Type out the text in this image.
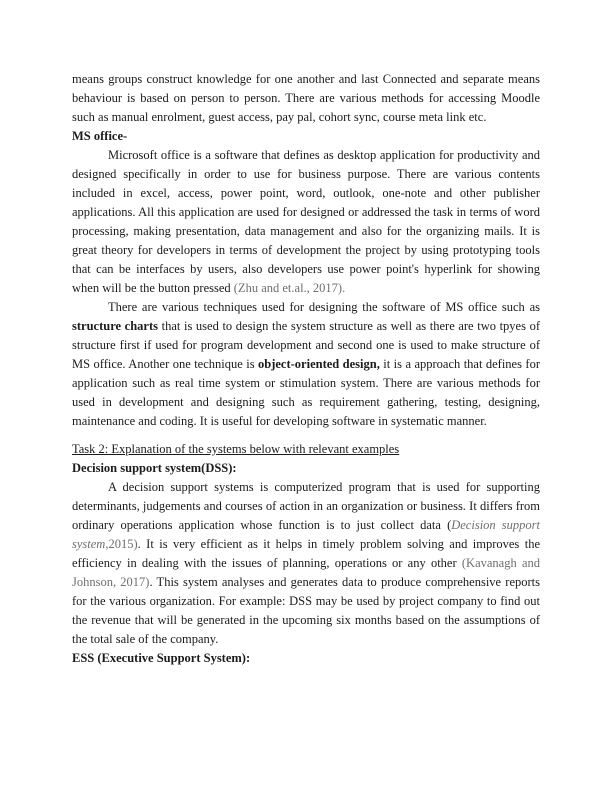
means groups construct knowledge for one another and last Connected and separate means behaviour is based on person to person. There are various methods for accessing Moodle such as manual enrolment, guest access, pay pal, cohort sync, course meta link etc.

MS office-

Microsoft office is a software that defines as desktop application for productivity and designed specifically in order to use for business purpose. There are various contents included in excel, access, power point, word, outlook, one-note and other publisher applications. All this application are used for designed or addressed the task in terms of word processing, making presentation, data management and also for the organizing mails. It is great theory for developers in terms of development the project by using prototyping tools that can be interfaces by users, also developers use power point's hyperlink for showing when will be the button pressed (Zhu and et.al., 2017).

There are various techniques used for designing the software of MS office such as structure charts that is used to design the system structure as well as there are two tpyes of structure first if used for program development and second one is used to make structure of MS office. Another one technique is object-oriented design, it is a approach that defines for application such as real time system or stimulation system. There are various methods for used in development and designing such as requirement gathering, testing, designing, maintenance and coding. It is useful for developing software in systematic manner.

Task 2: Explanation of the systems below with relevant examples

Decision support system(DSS):

A decision support systems is computerized program that is used for supporting determinants, judgements and courses of action in an organization or business. It differs from ordinary operations application whose function is to just collect data (Decision support system,2015). It is very efficient as it helps in timely problem solving and improves the efficiency in dealing with the issues of planning, operations or any other (Kavanagh and Johnson, 2017). This system analyses and generates data to produce comprehensive reports for the various organization. For example: DSS may be used by project company to find out the revenue that will be generated in the upcoming six months based on the assumptions of the total sale of the company.

ESS (Executive Support System):
